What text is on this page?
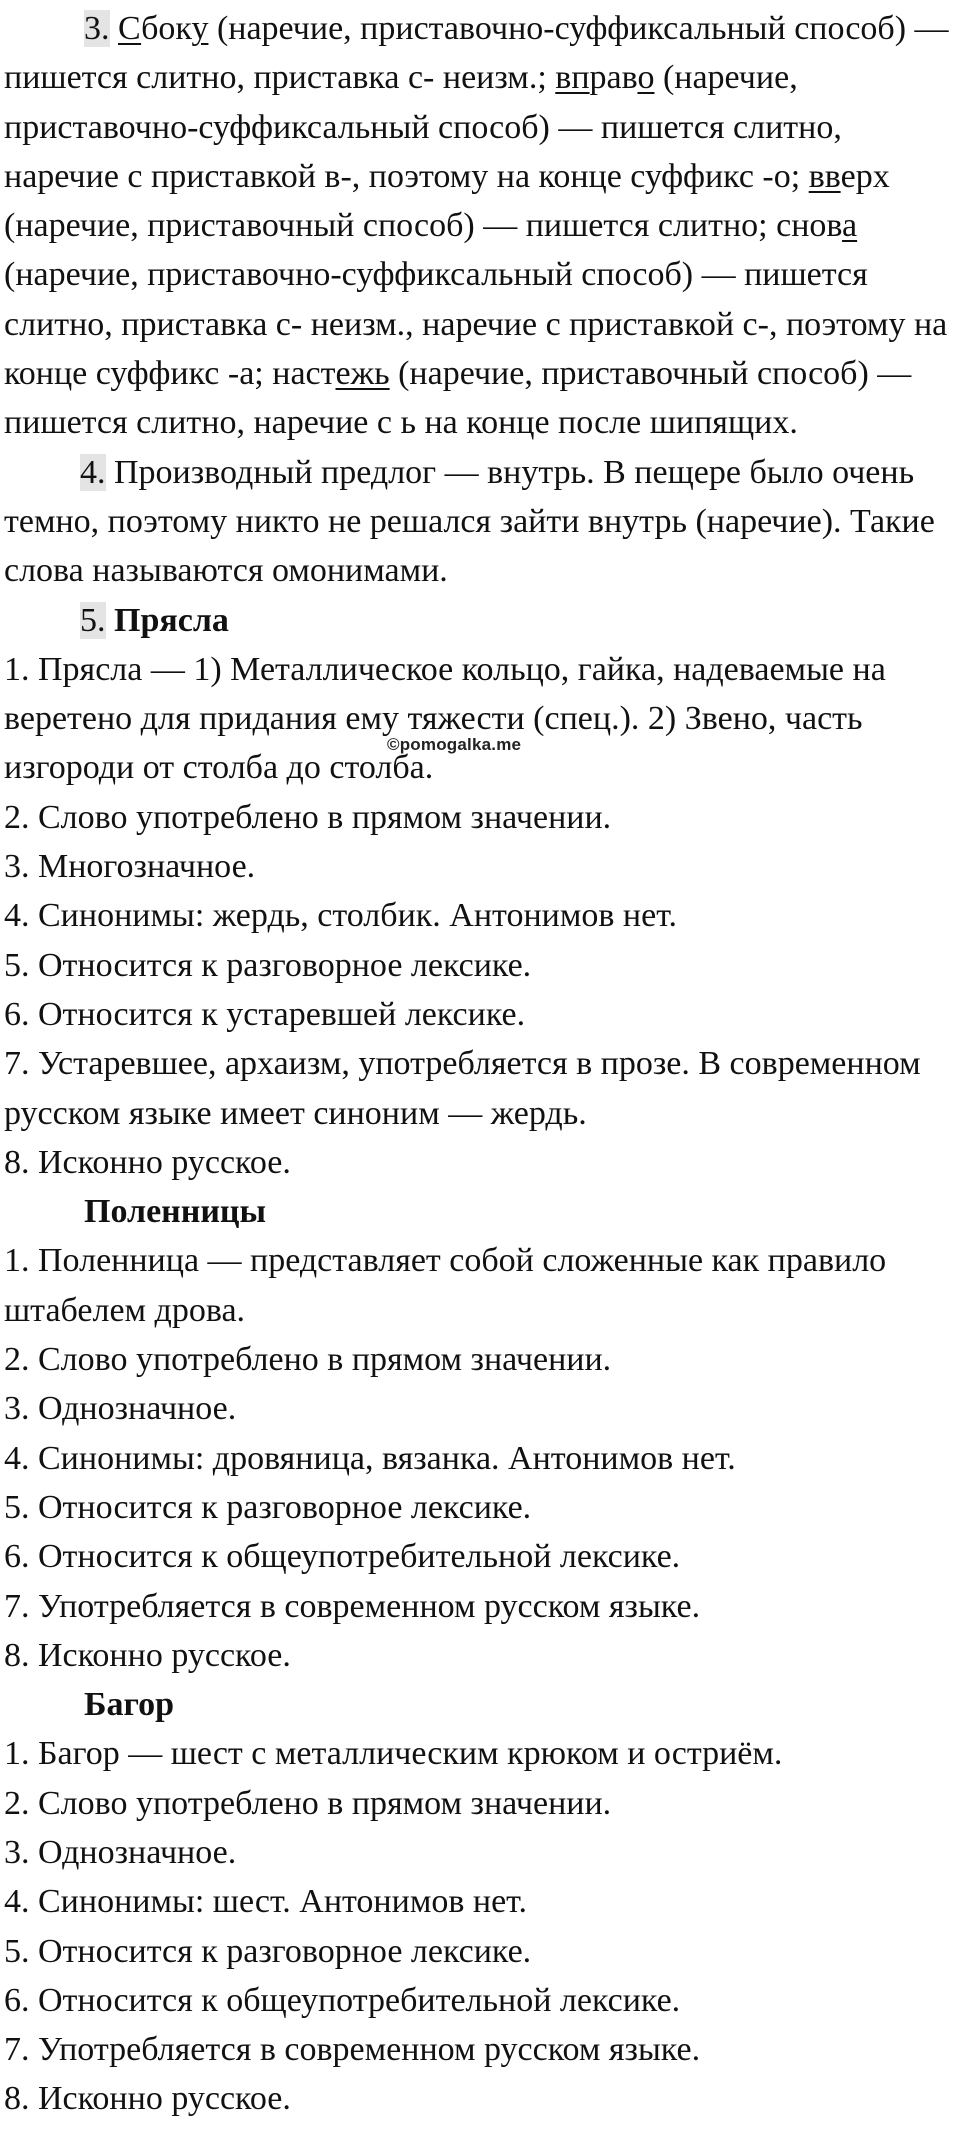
3. Сбоку (наречие, приставочно-суффиксальный способ) — пишется слитно, приставка с- неизм.; вправо (наречие, приставочно-суффиксальный способ) — пишется слитно, наречие с приставкой в-, поэтому на конце суффикс -о; вверх (наречие, приставочный способ) — пишется слитно; снова (наречие, приставочно-суффиксальный способ) — пишется слитно, приставка с- неизм., наречие с приставкой с-, поэтому на конце суффикс -а; настежь (наречие, приставочный способ) — пишется слитно, наречие с ь на конце после шипящих.

4. Производный предлог — внутрь. В пещере было очень темно, поэтому никто не решался зайти внутрь (наречие). Такие слова называются омонимами.

5. Прясла

1. Прясла — 1) Металлическое кольцо, гайка, надеваемые на веретено для придания ему тяжести (спец.). 2) Звено, часть изгороди от столба до столба.

2. Слово употреблено в прямом значении.

3. Многозначное.

4. Синонимы: жердь, столбик. Антонимов нет.

5. Относится к разговорное лексике.

6. Относится к устаревшей лексике.

7. Устаревшее, архаизм, употребляется в прозе. В современном русском языке имеет синоним — жердь.

8. Исконно русское.

Поленницы

1. Поленница — представляет собой сложенные как правило штабелем дрова.

2. Слово употреблено в прямом значении.

3. Однозначное.

4. Синонимы: дровяница, вязанка. Антонимов нет.

5. Относится к разговорное лексике.

6. Относится к общеупотребительной лексике.

7. Употребляется в современном русском языке.

8. Исконно русское.

Багор

1. Багор — шест с металлическим крюком и остриём.

2. Слово употреблено в прямом значении.

3. Однозначное.

4. Синонимы: шест. Антонимов нет.

5. Относится к разговорное лексике.

6. Относится к общеупотребительной лексике.

7. Употребляется в современном русском языке.

8. Исконно русское.

©pomogalka.me
